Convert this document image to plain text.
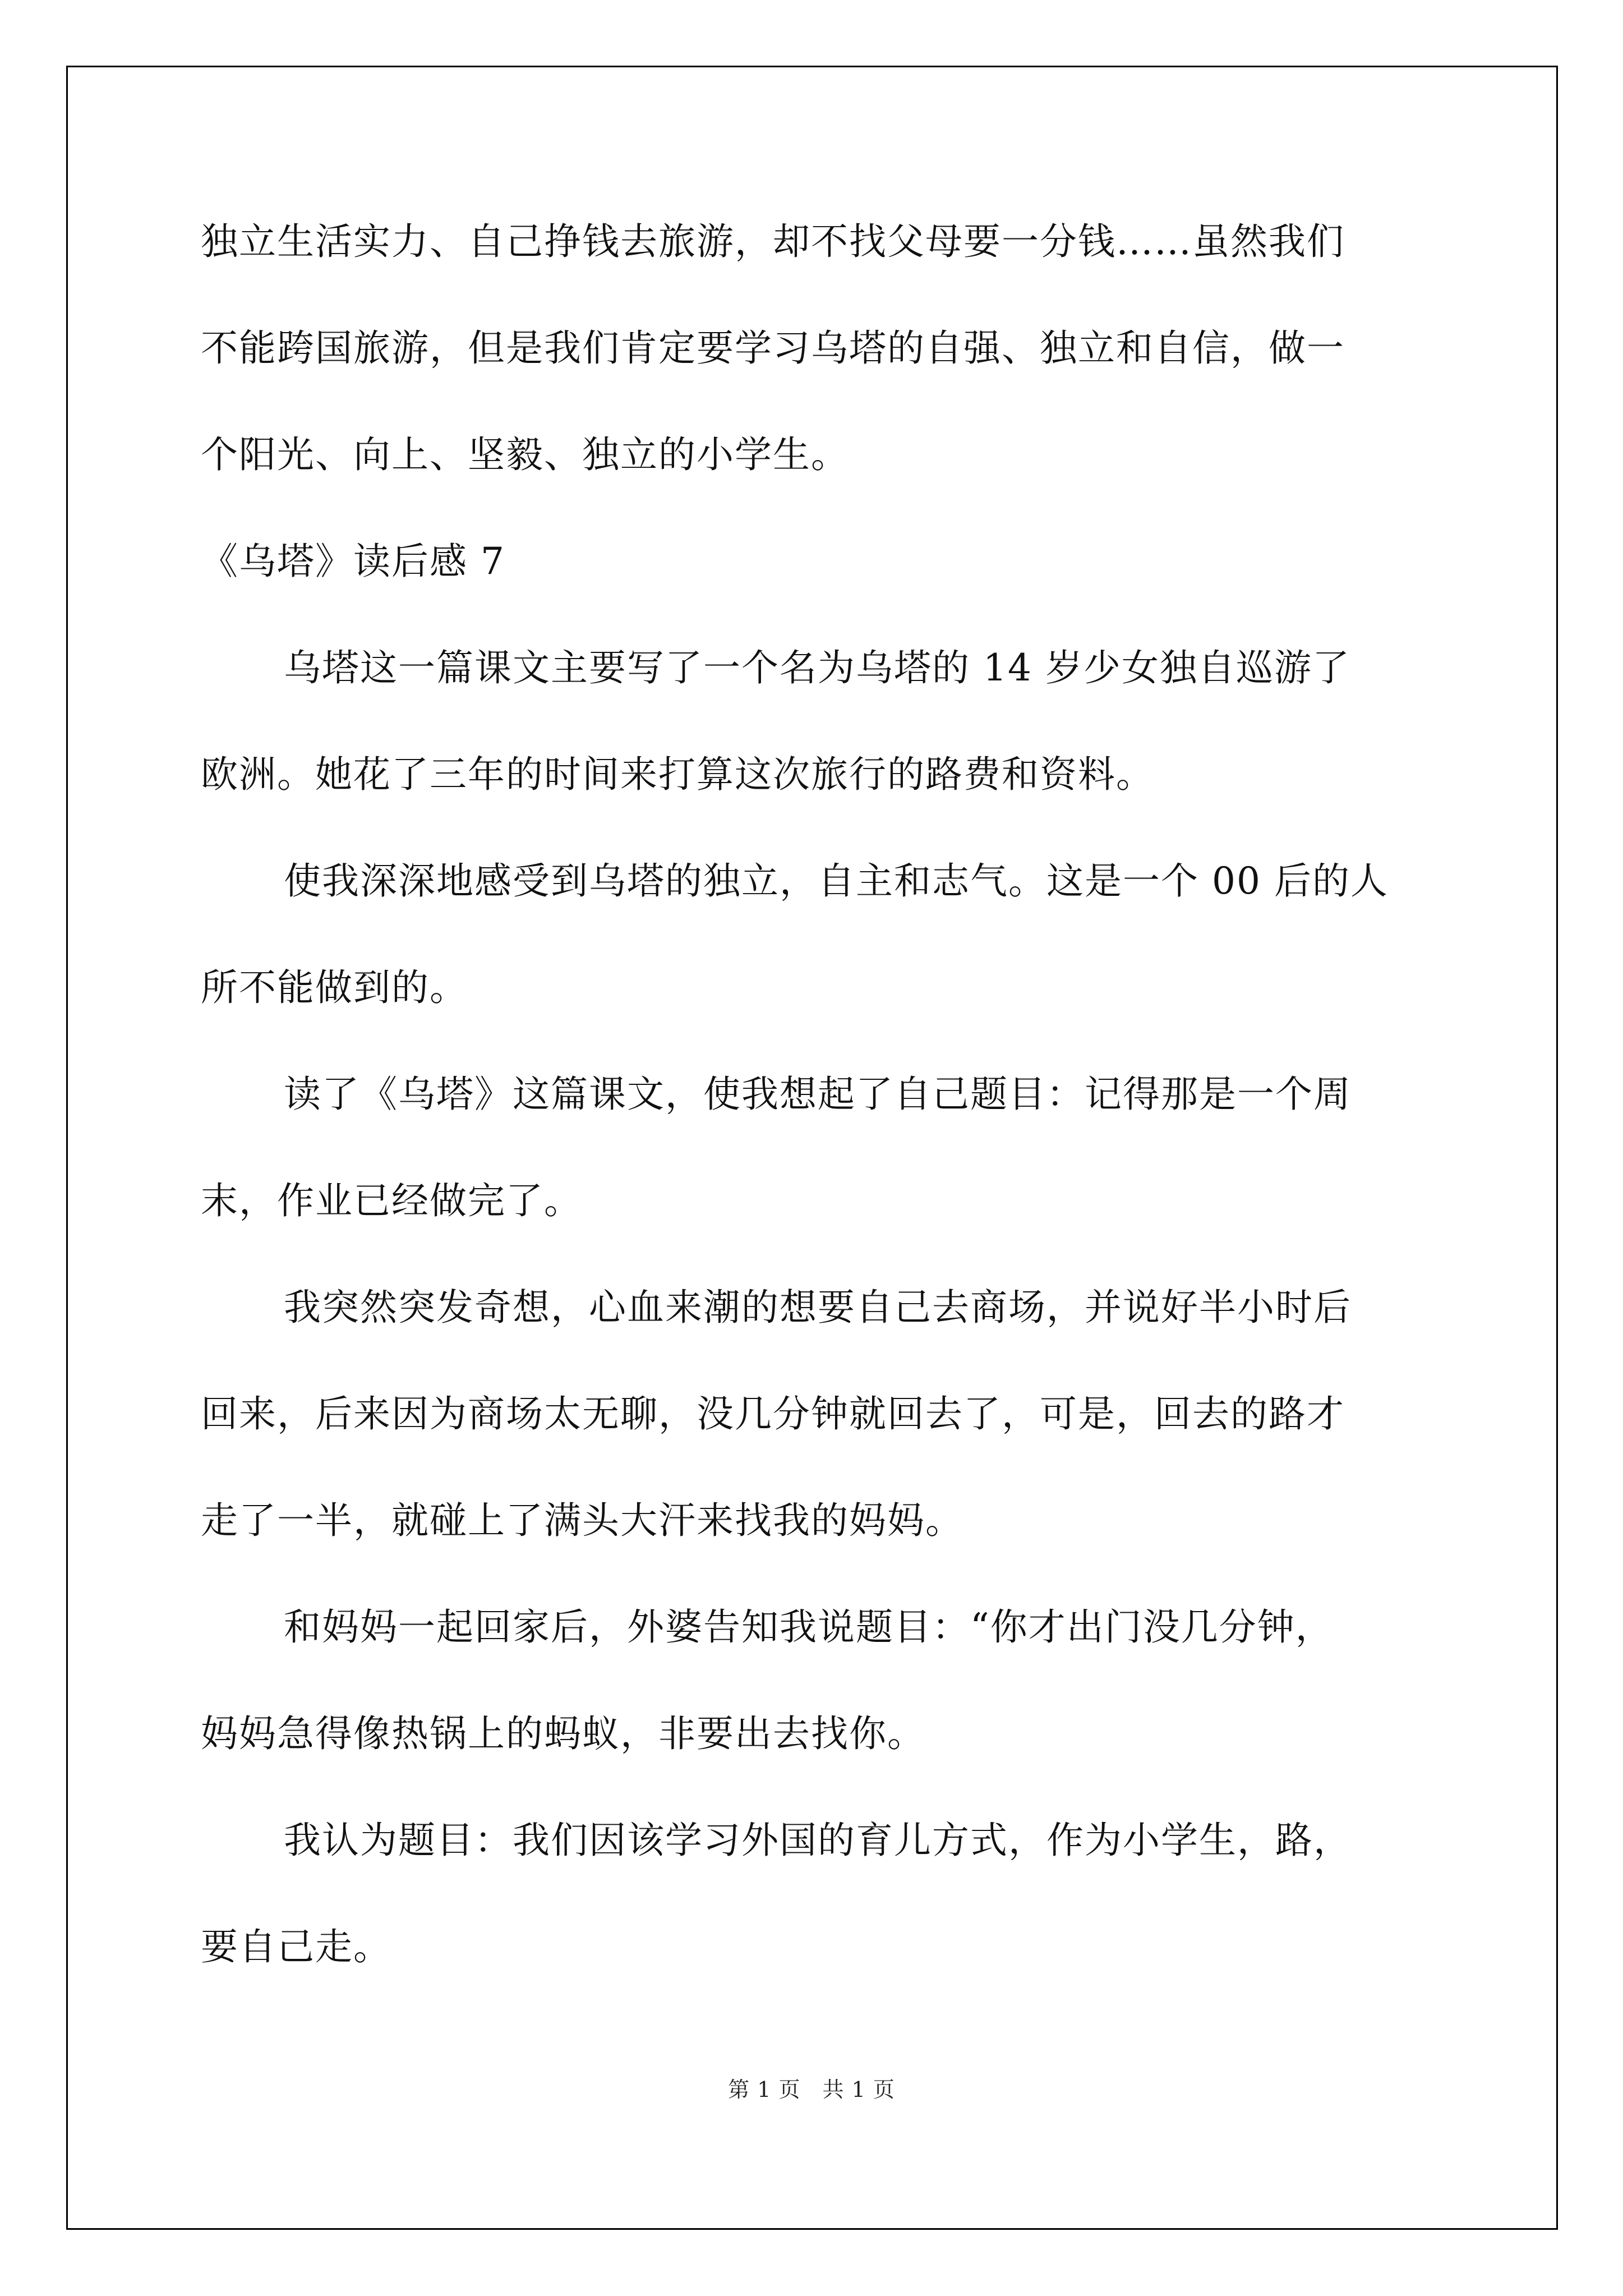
独立生活实力、自己挣钱去旅游，却不找父母要一分钱……虽然我们
不能跨国旅游，但是我们肯定要学习乌塔的自强、独立和自信，做一
个阳光、向上、坚毅、独立的小学生。
《乌塔》读后感 7
乌塔这一篇课文主要写了一个名为乌塔的 14 岁少女独自巡游了
欧洲。她花了三年的时间来打算这次旅行的路费和资料。
使我深深地感受到乌塔的独立，自主和志气。这是一个 00 后的人
所不能做到的。
读了《乌塔》这篇课文，使我想起了自己题目：记得那是一个周
末，作业已经做完了。
我突然突发奇想，心血来潮的想要自己去商场，并说好半小时后
回来，后来因为商场太无聊，没几分钟就回去了，可是，回去的路才
走了一半，就碰上了满头大汗来找我的妈妈。
和妈妈一起回家后，外婆告知我说题目：“你才出门没几分钟，
妈妈急得像热锅上的蚂蚁，非要出去找你。
我认为题目：我们因该学习外国的育儿方式，作为小学生，路，
要自己走。
第 1 页　共 1 页
